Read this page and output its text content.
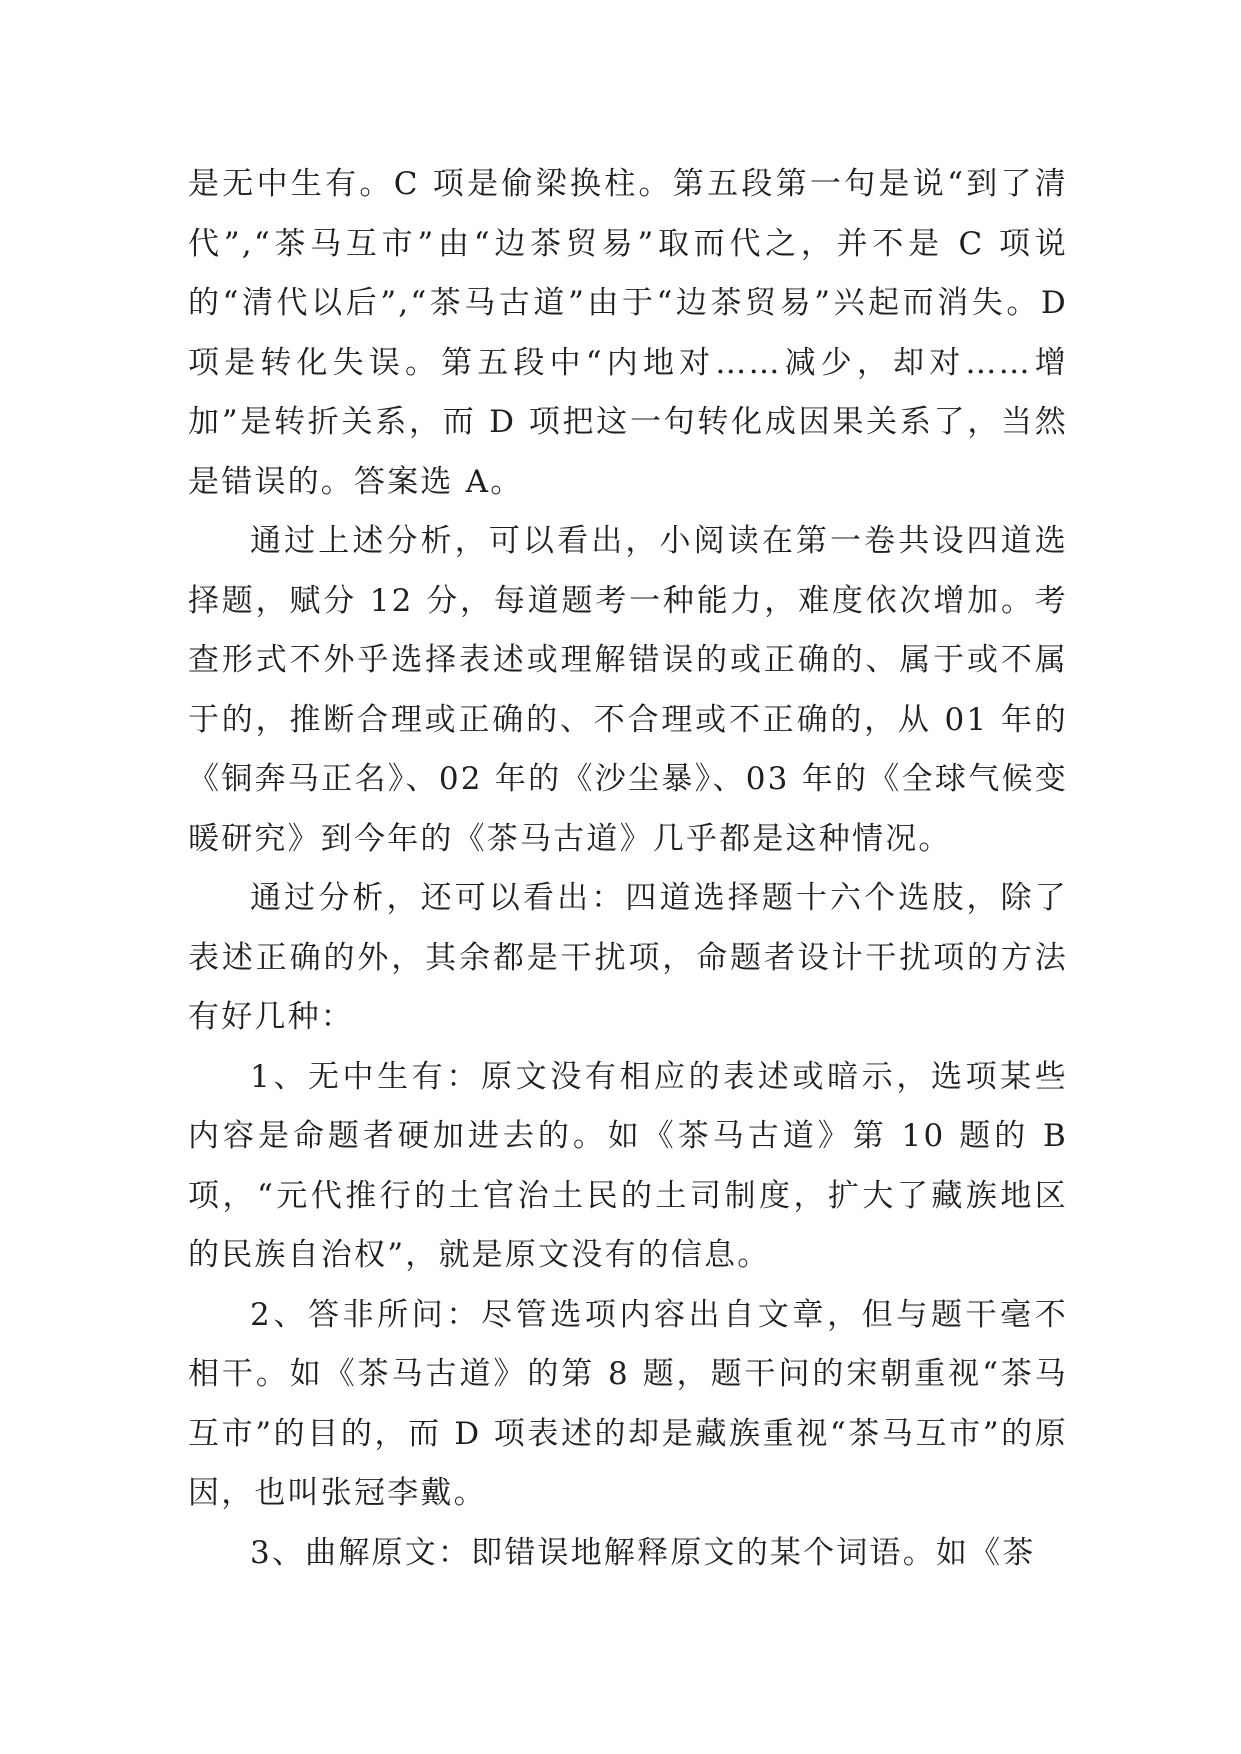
是无中生有。C 项是偷梁换柱。第五段第一句是说“到了清代”,“茶马互市”由“边茶贸易”取而代之，并不是 C 项说的“清代以后”,“茶马古道”由于“边茶贸易”兴起而消失。D 项是转化失误。第五段中“内地对……减少，却对……增加”是转折关系，而 D 项把这一句转化成因果关系了，当然是错误的。答案选 A。

通过上述分析，可以看出，小阅读在第一卷共设四道选择题，赋分 12 分，每道题考一种能力，难度依次增加。考查形式不外乎选择表述或理解错误的或正确的、属于或不属于的，推断合理或正确的、不合理或不正确的，从 01 年的《铜奔马正名》、02 年的《沙尘暴》、03 年的《全球气候变暖研究》到今年的《茶马古道》几乎都是这种情况。

通过分析，还可以看出：四道选择题十六个选肢，除了表述正确的外，其余都是干扰项，命题者设计干扰项的方法有好几种：

1、无中生有：原文没有相应的表述或暗示，选项某些内容是命题者硬加进去的。如《茶马古道》第 10 题的 B 项，“元代推行的土官治土民的土司制度，扩大了藏族地区的民族自治权”，就是原文没有的信息。

2、答非所问：尽管选项内容出自文章，但与题干毫不相干。如《茶马古道》的第 8 题，题干问的宋朝重视“茶马互市”的目的，而 D 项表述的却是藏族重视“茶马互市”的原因，也叫张冠李戴。

3、曲解原文：即错误地解释原文的某个词语。如《茶
